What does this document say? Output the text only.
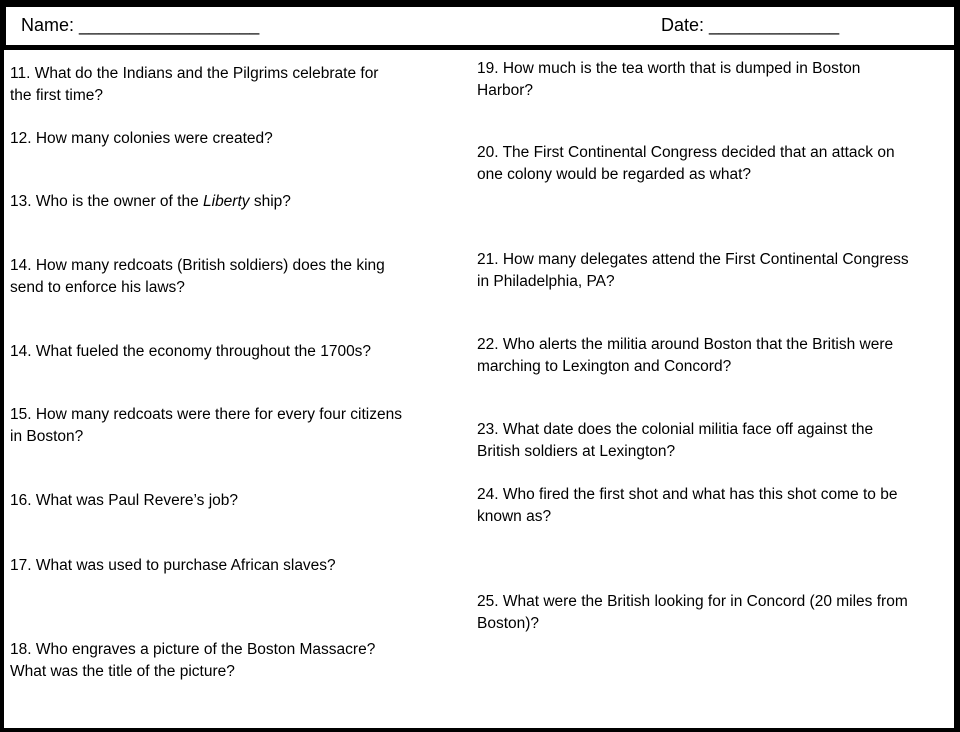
Name: __________________	Date: _____________
11. What do the Indians and the Pilgrims celebrate for
the first time?
12. How many colonies were created?
13. Who is the owner of the Liberty ship?
14. How many redcoats (British soldiers) does the king
send to enforce his laws?
14. What fueled the economy throughout the 1700s?
15. How many redcoats were there for every four citizens
in Boston?
16. What was Paul Revere’s job?
17. What was used to purchase African slaves?
18. Who engraves a picture of the Boston Massacre?
What was the title of the picture?
19. How much is the tea worth that is dumped in Boston
Harbor?
20. The First Continental Congress decided that an attack on
one colony would be regarded as what?
21. How many delegates attend the First Continental Congress
in Philadelphia, PA?
22. Who alerts the militia around Boston that the British were
marching to Lexington and Concord?
23. What date does the colonial militia face off against the
British soldiers at Lexington?
24. Who fired the first shot and what has this shot come to be
known as?
25. What were the British looking for in Concord (20 miles from
Boston)?
